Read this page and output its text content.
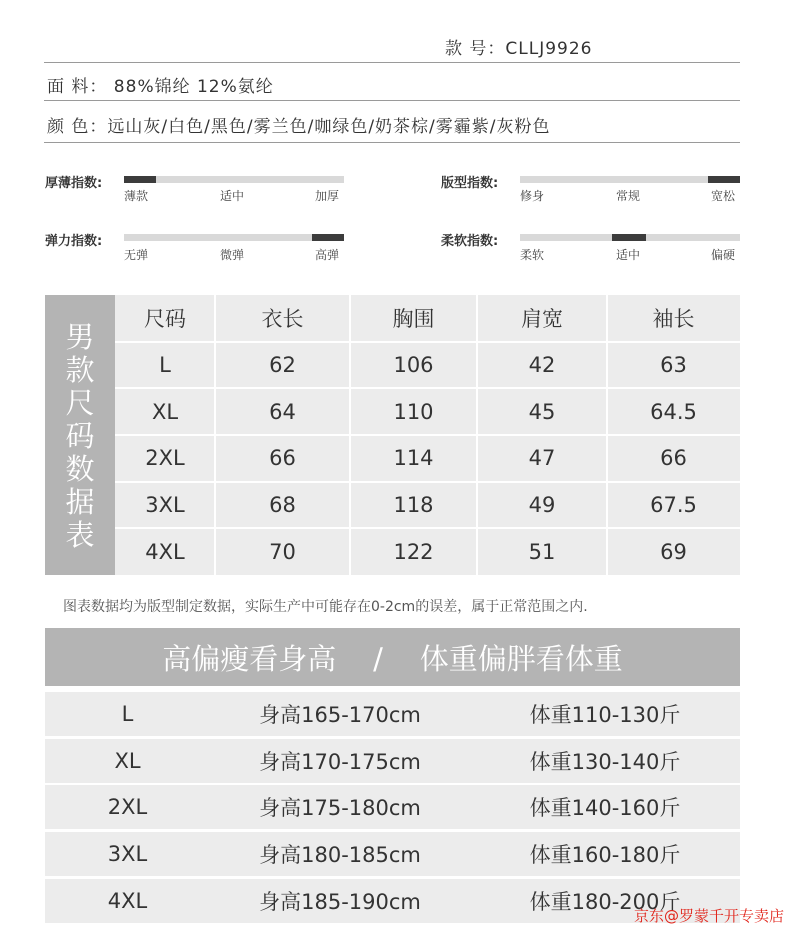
款 号：CLLJ9926
面 料： 88%锦纶 12%氨纶
颜 色：远山灰/白色/黑色/雾兰色/咖绿色/奶茶棕/雾霾紫/灰粉色
厚薄指数:
薄款	适中	加厚
版型指数:
修身	常规	宽松
弹力指数:
无弹	微弹	高弹
柔软指数:
柔软	适中	偏硬
男
款
尺
码
数
据
表
尺码	衣长	胸围	肩宽	袖长
L	62	106	42	63
XL	64	110	45	64.5
2XL	66	114	47	66
3XL	68	118	49	67.5
4XL	70	122	51	69
图表数据均为版型制定数据，实际生产中可能存在0-2cm的误差，属于正常范围之内.
高偏瘦看身高    /    体重偏胖看体重
L	身高165-170cm	体重110-130斤
XL	身高170-175cm	体重130-140斤
2XL	身高175-180cm	体重140-160斤
3XL	身高180-185cm	体重160-180斤
4XL	身高185-190cm	体重180-200斤
京东@罗蒙千开专卖店
